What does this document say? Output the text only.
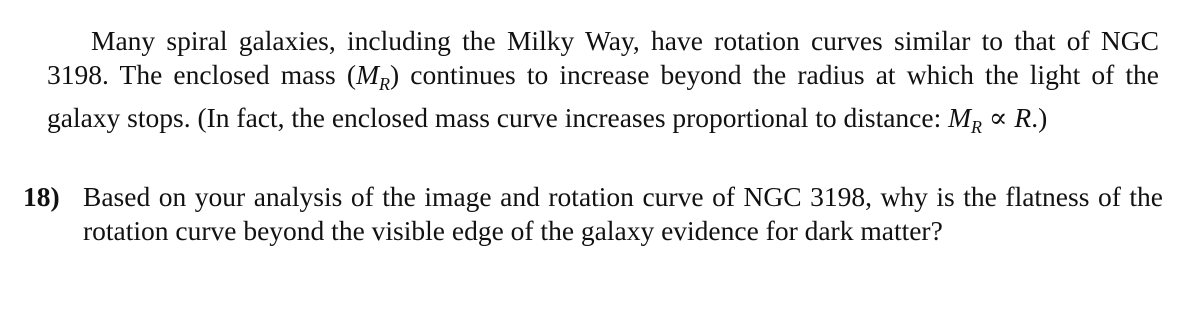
Many spiral galaxies, including the Milky Way, have rotation curves similar to that of NGC 3198. The enclosed mass $(M_R)$ continues to increase beyond the radius at which the light of the galaxy stops. (In fact, the enclosed mass curve increases proportional to distance: $M_R \propto R$.)

18) Based on your analysis of the image and rotation curve of NGC 3198, why is the flatness of the rotation curve beyond the visible edge of the galaxy evidence for dark matter?
